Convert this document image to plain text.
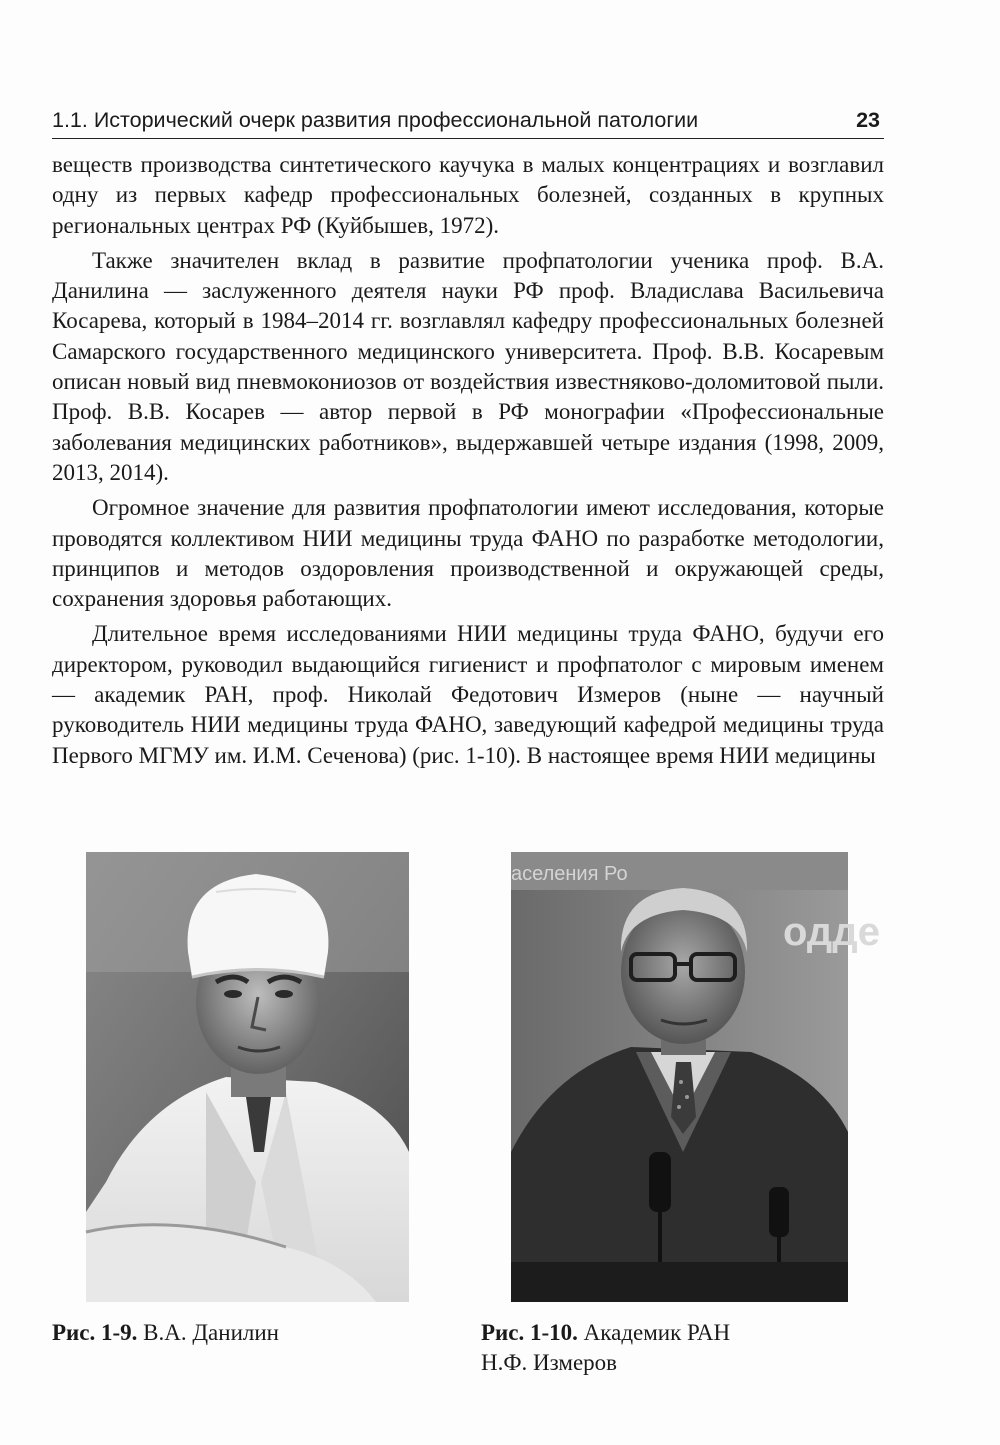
1.1. Исторический очерк развития профессиональной патологии	23

веществ производства синтетического каучука в малых концентрациях и возглавил одну из первых кафедр профессиональных болезней, созданных в крупных региональных центрах РФ (Куйбышев, 1972).

Также значителен вклад в развитие профпатологии ученика проф. В.А. Данилина — заслуженного деятеля науки РФ проф. Владислава Васильевича Косарева, который в 1984–2014 гг. возглавлял кафедру профессиональных болезней Самарского государственного медицинского университета. Проф. В.В. Косаревым описан новый вид пневмокониозов от воздействия известняково-доломитовой пыли. Проф. В.В. Косарев — автор первой в РФ монографии «Профессиональные заболевания медицинских работников», выдержавшей четыре издания (1998, 2009, 2013, 2014).

Огромное значение для развития профпатологии имеют исследования, которые проводятся коллективом НИИ медицины труда ФАНО по разработке методологии, принципов и методов оздоровления производственной и окружающей среды, сохранения здоровья работающих.

Длительное время исследованиями НИИ медицины труда ФАНО, будучи его директором, руководил выдающийся гигиенист и профпатолог с мировым именем — академик РАН, проф. Николай Федотович Измеров (ныне — научный руководитель НИИ медицины труда ФАНО, заведующий кафедрой медицины труда Первого МГМУ им. И.М. Сеченова) (рис. 1-10). В настоящее время НИИ медицины

аселения Ро
одде
Рис. 1-9. В.А. Данилин	Рис. 1-10. Академик РАН
Н.Ф. Измеров
